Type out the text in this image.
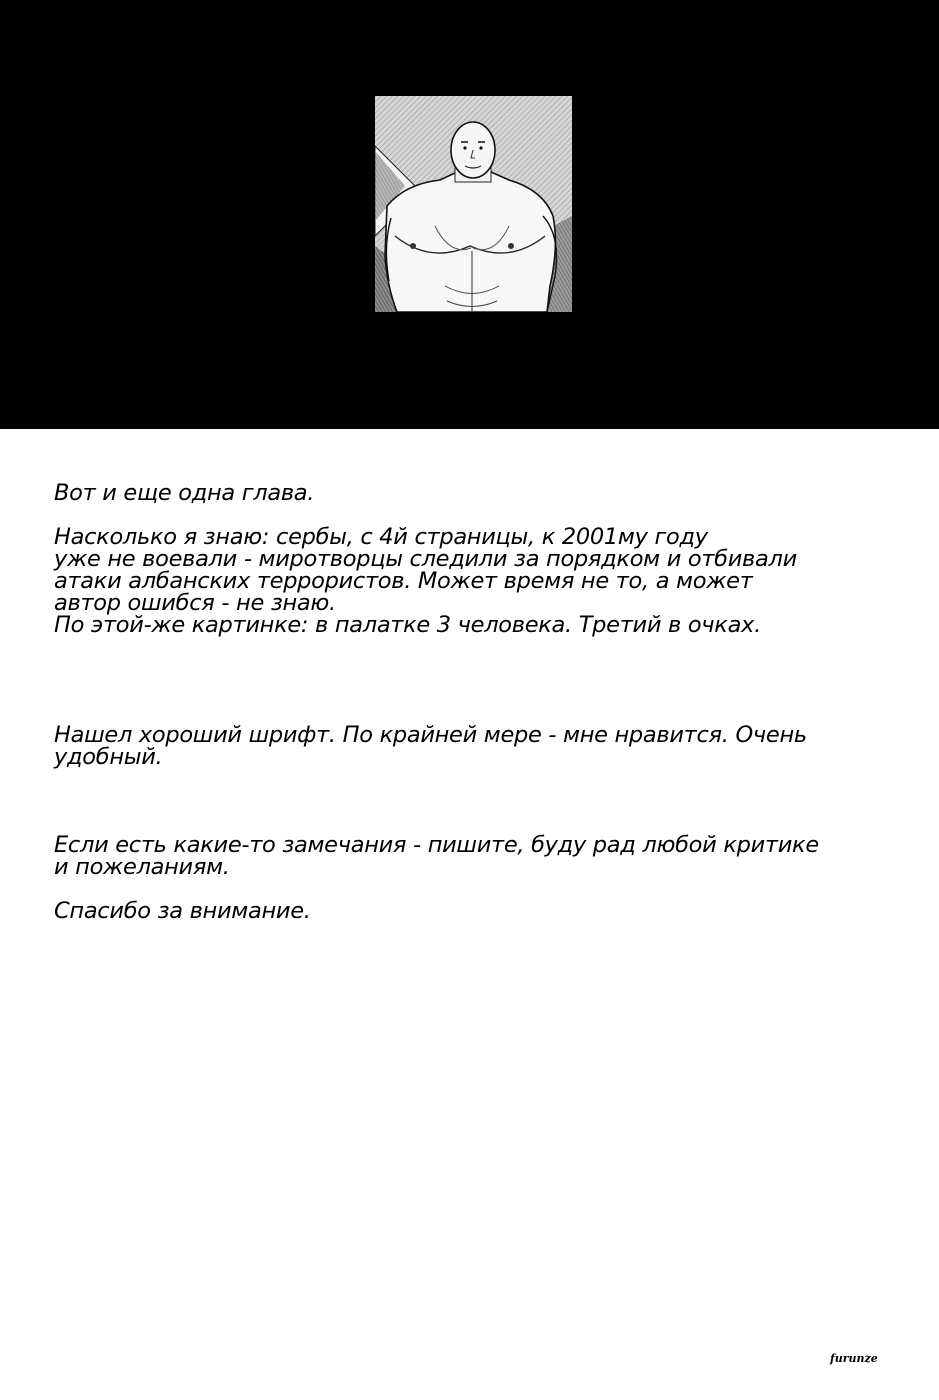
Вот и еще одна глава.
Насколько я знаю: сербы, с 4й страницы, к 2001му году
уже не воевали - миротворцы следили за порядком и отбивали
атаки албанских террористов. Может время не то, а может
автор ошибся - не знаю.
По этой-же картинке: в палатке 3 человека. Третий в очках.
Нашел хороший шрифт. По крайней мере - мне нравится. Очень
удобный.
Если есть какие-то замечания - пишите, буду рад любой критике
и пожеланиям.
Спасибо за внимание.
furunze
